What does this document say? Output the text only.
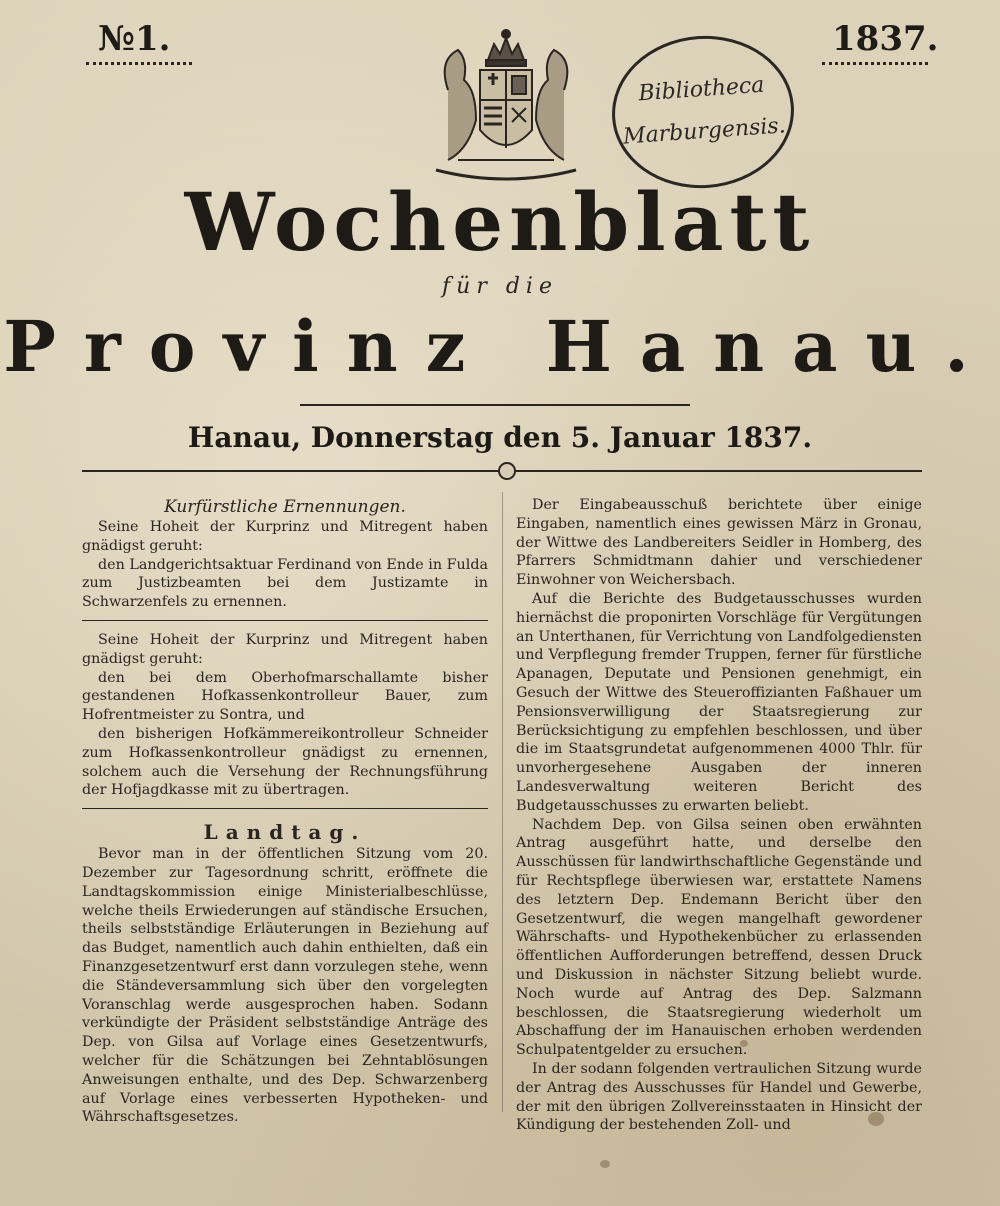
№1.	1837.
Bibliotheca
Marburgensis.
Wochenblatt
für die
Provinz Hanau.
Hanau, Donnerstag den 5. Januar 1837.

Kurfürstliche Ernennungen.

Seine Hoheit der Kurprinz und Mitregent haben gnädigst geruht:

den Landgerichtsaktuar Ferdinand von Ende in Fulda zum Justizbeamten bei dem Justizamte in Schwarzenfels zu ernennen.

Seine Hoheit der Kurprinz und Mitregent haben gnädigst geruht:

den bei dem Oberhofmarschallamte bisher gestandenen Hofkassenkontrolleur Bauer, zum Hofrentmeister zu Sontra, und

den bisherigen Hofkämmereikontrolleur Schneider zum Hofkassenkontrolleur gnädigst zu ernennen, solchem auch die Versehung der Rechnungsführung der Hofjagdkasse mit zu übertragen.

Landtag.

Bevor man in der öffentlichen Sitzung vom 20. Dezember zur Tagesordnung schritt, eröffnete die Landtagskommission einige Ministerialbeschlüsse, welche theils Erwiederungen auf ständische Ersuchen, theils selbstständige Erläuterungen in Beziehung auf das Budget, namentlich auch dahin enthielten, daß ein Finanzgesetzentwurf erst dann vorzulegen stehe, wenn die Ständeversammlung sich über den vorgelegten Voranschlag werde ausgesprochen haben. Sodann verkündigte der Präsident selbstständige Anträge des Dep. von Gilsa auf Vorlage eines Gesetzentwurfs, welcher für die Schätzungen bei Zehntablösungen Anweisungen enthalte, und des Dep. Schwarzenberg auf Vorlage eines verbesserten Hypotheken- und Währschaftsgesetzes.

Der Eingabeausschuß berichtete über einige Eingaben, namentlich eines gewissen März in Gronau, der Wittwe des Landbereiters Seidler in Homberg, des Pfarrers Schmidtmann dahier und verschiedener Einwohner von Weichersbach.

Auf die Berichte des Budgetausschusses wurden hiernächst die proponirten Vorschläge für Vergütungen an Unterthanen, für Verrichtung von Landfolgediensten und Verpflegung fremder Truppen, ferner für fürstliche Apanagen, Deputate und Pensionen genehmigt, ein Gesuch der Wittwe des Steueroffizianten Faßhauer um Pensionsverwilligung der Staatsregierung zur Berücksichtigung zu empfehlen beschlossen, und über die im Staatsgrundetat aufgenommenen 4000 Thlr. für unvorhergesehene Ausgaben der inneren Landesverwaltung weiteren Bericht des Budgetausschusses zu erwarten beliebt.

Nachdem Dep. von Gilsa seinen oben erwähnten Antrag ausgeführt hatte, und derselbe den Ausschüssen für landwirthschaftliche Gegenstände und für Rechtspflege überwiesen war, erstattete Namens des letztern Dep. Endemann Bericht über den Gesetzentwurf, die wegen mangelhaft gewordener Währschafts- und Hypothekenbücher zu erlassenden öffentlichen Aufforderungen betreffend, dessen Druck und Diskussion in nächster Sitzung beliebt wurde. Noch wurde auf Antrag des Dep. Salzmann beschlossen, die Staatsregierung wiederholt um Abschaffung der im Hanauischen erhoben werdenden Schulpatentgelder zu ersuchen.

In der sodann folgenden vertraulichen Sitzung wurde der Antrag des Ausschusses für Handel und Gewerbe, der mit den übrigen Zollvereinsstaaten in Hinsicht der Kündigung der bestehenden Zoll- und
